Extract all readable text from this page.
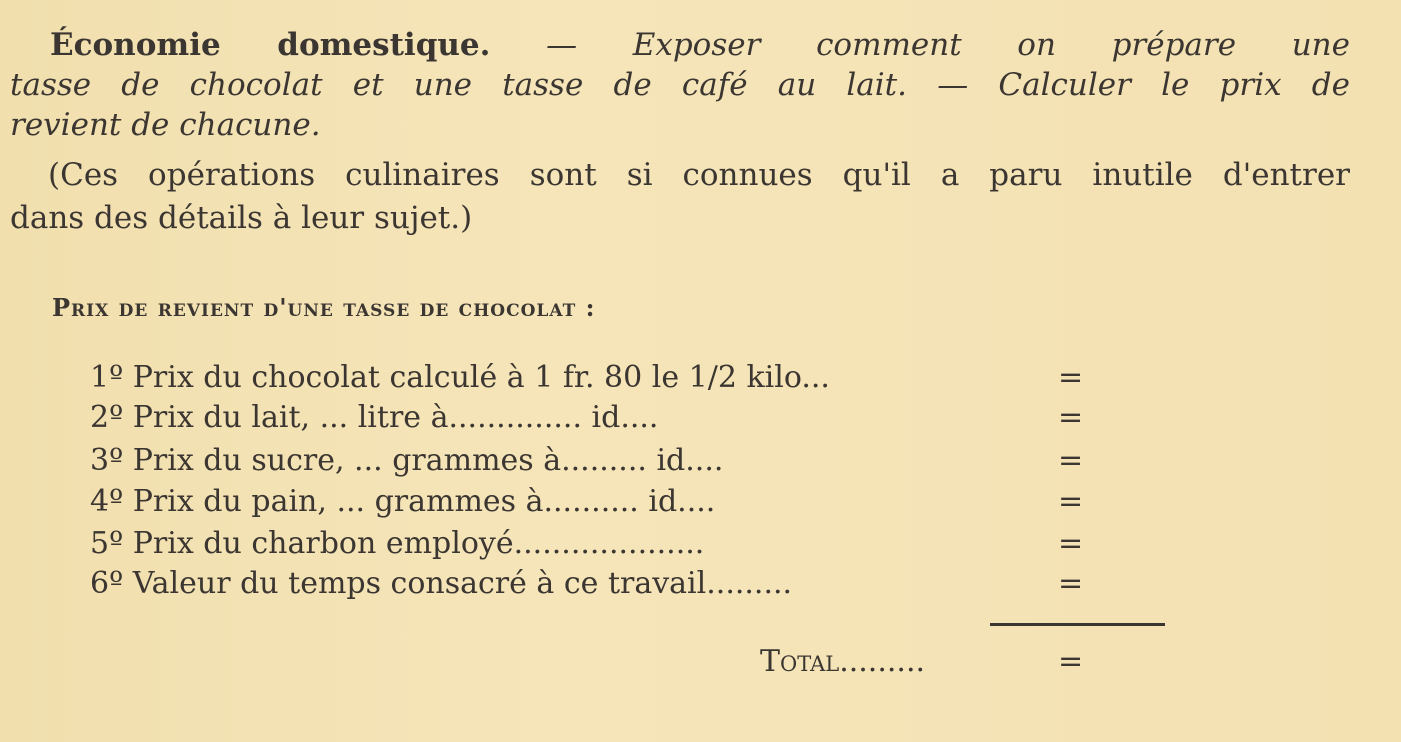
Économie domestique. — Exposer comment on prépare une
tasse de chocolat et une tasse de café au lait. — Calculer le prix de
revient de chacune.
(Ces opérations culinaires sont si connues qu'il a paru inutile d'entrer
dans des détails à leur sujet.)
Prix de revient d'une tasse de chocolat :
1º Prix du chocolat calculé à 1 fr. 80 le 1/2 kilo...	=
2º Prix du lait, ... litre à.............. id....	=
3º Prix du sucre, ... grammes à......... id....	=
4º Prix du pain, ... grammes à.......... id....	=
5º Prix du charbon employé....................	=
6º Valeur du temps consacré à ce travail.........	=
Total.........	=
